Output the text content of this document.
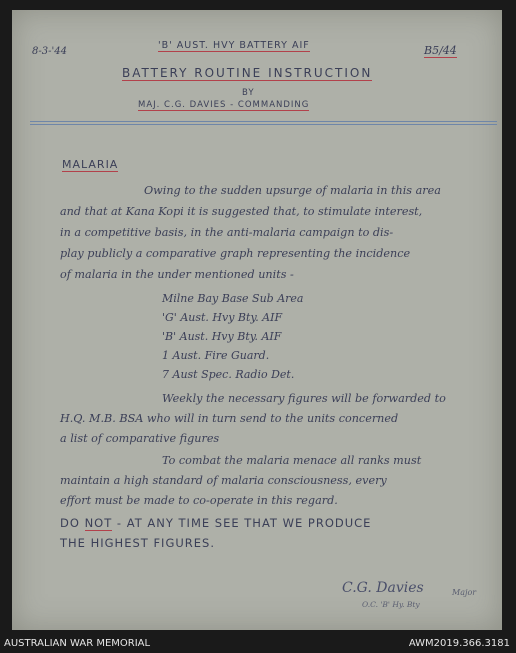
8-3-'44
'B' AUST. HVY BATTERY AIF	B5/44
BATTERY ROUTINE INSTRUCTION
BY
MAJ. C.G. DAVIES - COMMANDING
MALARIA
Owing to the sudden upsurge of malaria in this area
and that at Kana Kopi it is suggested that, to stimulate interest,
in a competitive basis, in the anti-malaria campaign to dis-
play publicly a comparative graph representing the incidence
of malaria in the under mentioned units -
Milne Bay Base Sub Area
'G' Aust. Hvy Bty. AIF
'B' Aust. Hvy Bty. AIF
1 Aust. Fire Guard.
7 Aust Spec. Radio Det.
Weekly the necessary figures will be forwarded to
H.Q. M.B. BSA who will in turn send to the units concerned
a list of comparative figures
To combat the malaria menace all ranks must
maintain a high standard of malaria consciousness, every
effort must be made to co-operate in this regard.
DO NOT - AT ANY TIME SEE THAT WE PRODUCE
THE HIGHEST FIGURES.
C.G. Davies	Major
O.C. 'B' Hy. Bty
AUSTRALIAN WAR MEMORIAL	AWM2019.366.3181
